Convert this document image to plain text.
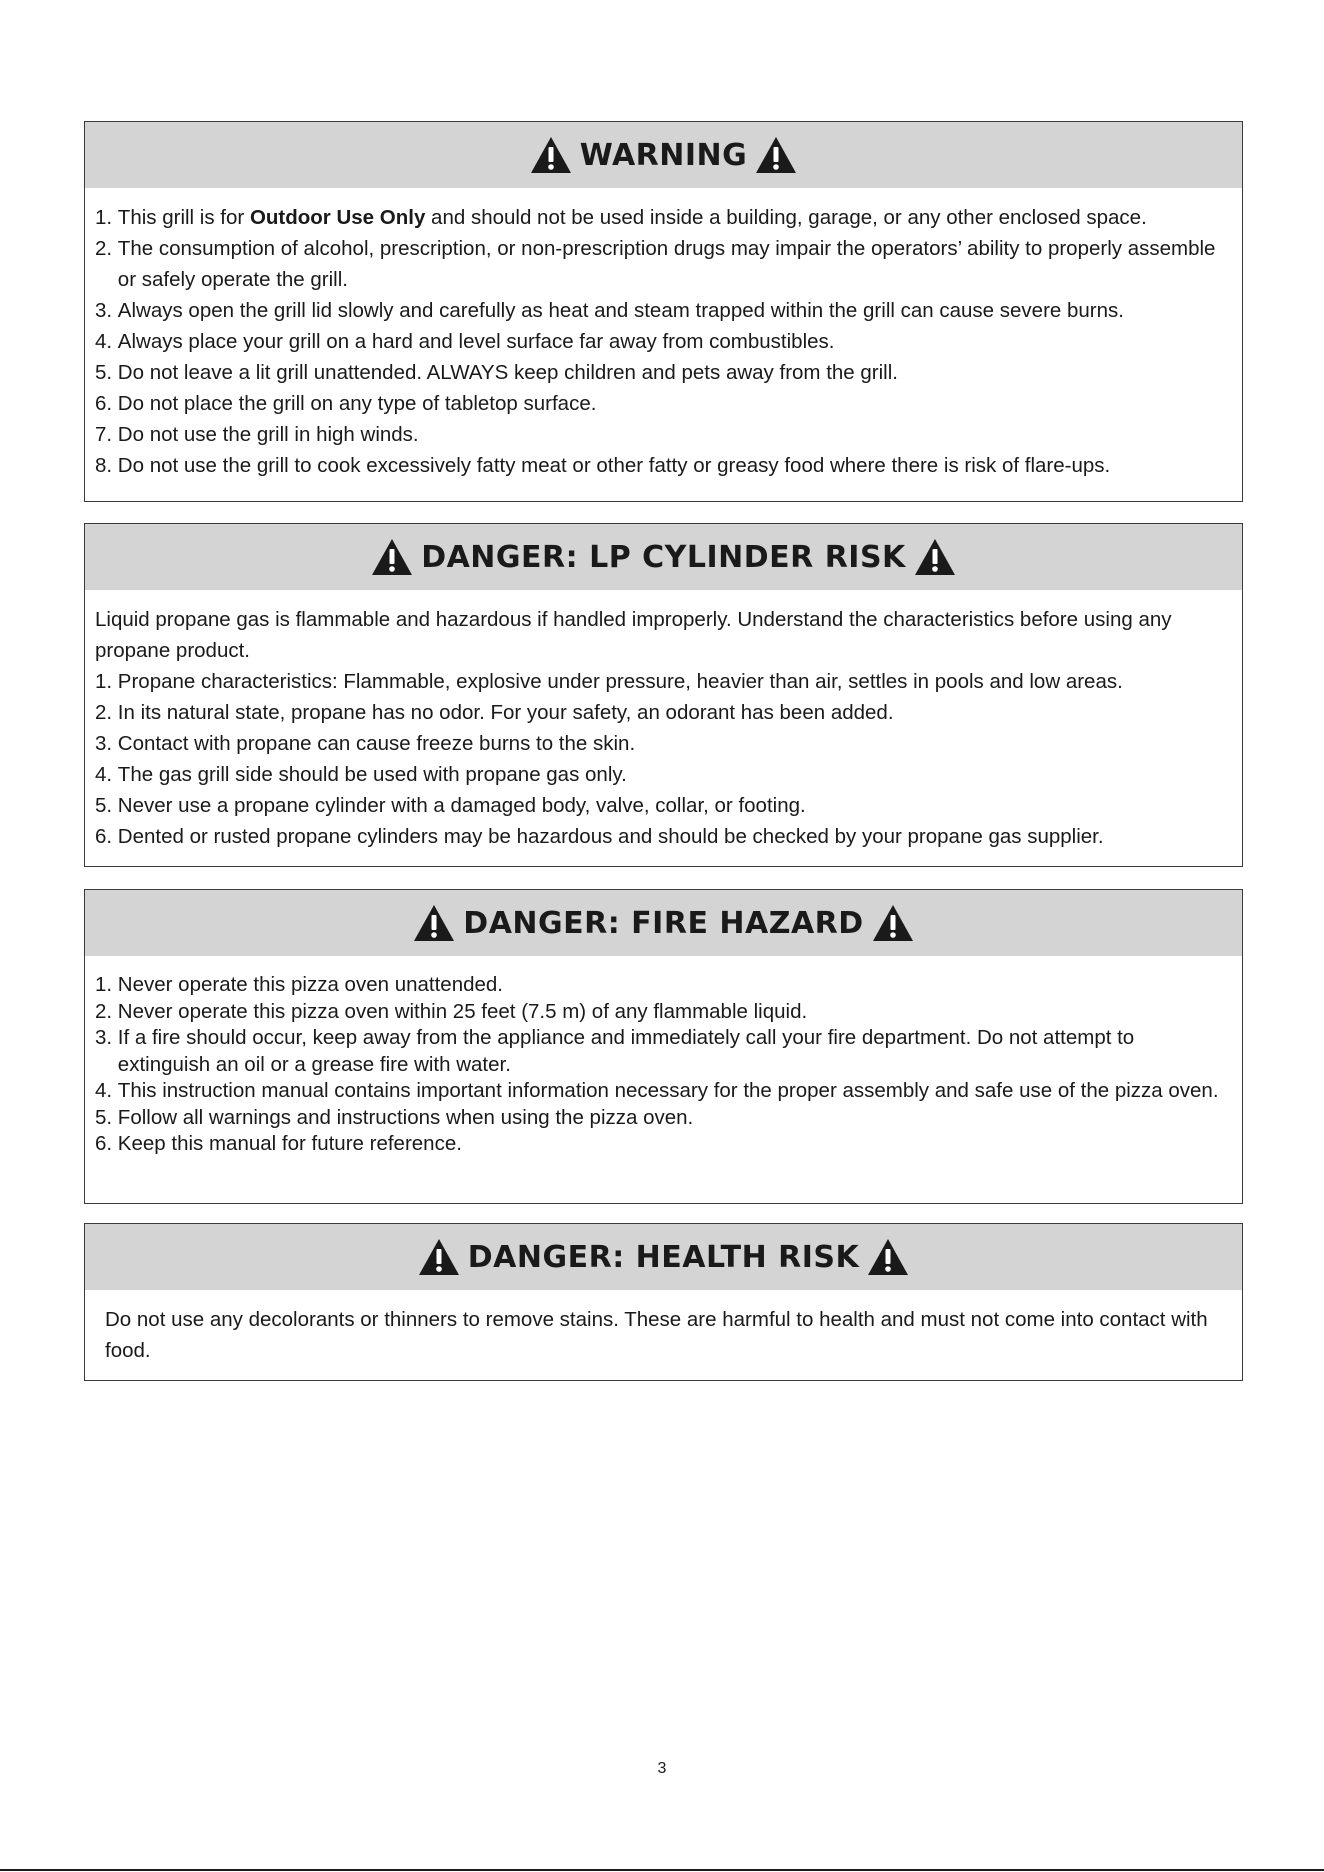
WARNING
1. This grill is for Outdoor Use Only and should not be used inside a building, garage, or any other enclosed space.
2. The consumption of alcohol, prescription, or non-prescription drugs may impair the operators’ ability to properly assemble or safely operate the grill.
3. Always open the grill lid slowly and carefully as heat and steam trapped within the grill can cause severe burns.
4. Always place your grill on a hard and level surface far away from combustibles.
5. Do not leave a lit grill unattended. ALWAYS keep children and pets away from the grill.
6. Do not place the grill on any type of tabletop surface.
7. Do not use the grill in high winds.
8. Do not use the grill to cook excessively fatty meat or other fatty or greasy food where there is risk of flare-ups.
DANGER: LP CYLINDER RISK

Liquid propane gas is flammable and hazardous if handled improperly. Understand the characteristics before using any propane product.

1. Propane characteristics: Flammable, explosive under pressure, heavier than air, settles in pools and low areas.
2. In its natural state, propane has no odor. For your safety, an odorant has been added.
3. Contact with propane can cause freeze burns to the skin.
4. The gas grill side should be used with propane gas only.
5. Never use a propane cylinder with a damaged body, valve, collar, or footing.
6. Dented or rusted propane cylinders may be hazardous and should be checked by your propane gas supplier.
DANGER: FIRE HAZARD
1. Never operate this pizza oven unattended.
2. Never operate this pizza oven within 25 feet (7.5 m) of any flammable liquid.
3. If a fire should occur, keep away from the appliance and immediately call your fire department. Do not attempt to extinguish an oil or a grease fire with water.
4. This instruction manual contains important information necessary for the proper assembly and safe use of the pizza oven.
5. Follow all warnings and instructions when using the pizza oven.
6. Keep this manual for future reference.
DANGER: HEALTH RISK
Do not use any decolorants or thinners to remove stains. These are harmful to health and must not come into contact with food.
3
